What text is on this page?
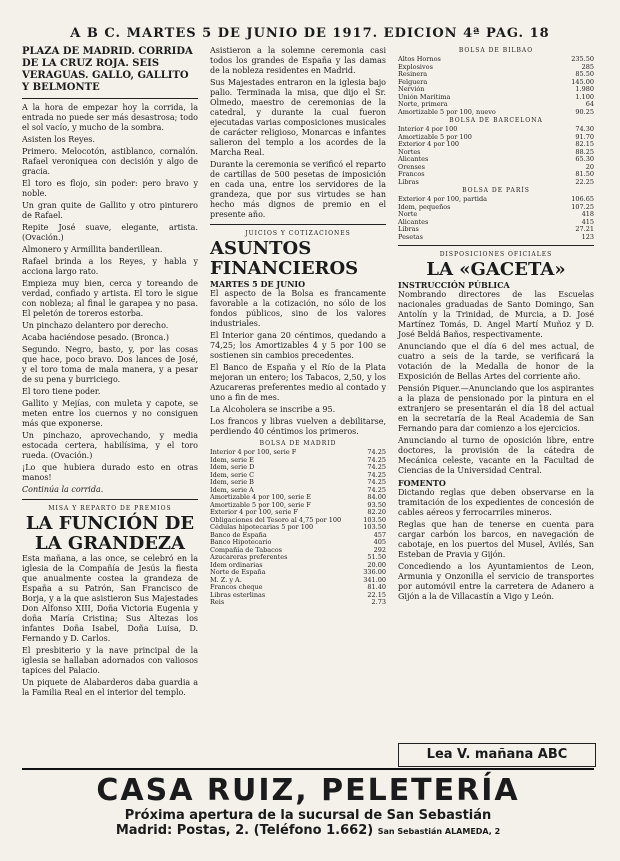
A B C. MARTES 5 DE JUNIO DE 1917. EDICION 4ª PAG. 18
PLAZA DE MADRID. CORRIDA DE LA CRUZ ROJA. SEIS VERAGUAS. GALLO, GALLITO Y BELMONTE

A la hora de empezar hoy la corrida, la entrada no puede ser más desastrosa; todo el sol vacío, y mucho de la sombra.

Asisten los Reyes.

Primero. Melocotón, astiblanco, cornalón. Rafael veroniquea con decisión y algo de gracia.

El toro es flojo, sin poder: pero bravo y noble.

Un gran quite de Gallito y otro pinturero de Rafael.

Repite José suave, elegante, artista. (Ovación.)

Almonero y Armillita banderillean.

Rafael brinda a los Reyes, y habla y acciona largo rato.

Empieza muy bien, cerca y toreando de verdad, confiado y artista. El toro le sigue con nobleza; al final le garapea y no pasa. El peletón de toreros estorba.

Un pinchazo delantero por derecho.

Acaba haciéndose pesado. (Bronca.)

Segundo. Negro, basto, y, por las cosas que hace, poco bravo. Dos lances de José, y el toro toma de mala manera, y a pesar de su pena y burriciego.

El toro tiene poder.

Gallito y Mejías, con muleta y capote, se meten entre los cuernos y no consiguen más que exponerse.

Un pinchazo, aprovechando, y media estocada certera, habilísima, y el toro rueda. (Ovación.)

¡Lo que hubiera durado esto en otras manos!

Continúa la corrida.

MISA Y REPARTO DE PREMIOS
LA FUNCIÓN DE LA GRANDEZA

Esta mañana, a las once, se celebró en la iglesia de la Compañía de Jesús la fiesta que anualmente costea la grandeza de España a su Patrón, San Francisco de Borja, y a la que asistieron Sus Majestades Don Alfonso XIII, Doña Victoria Eugenia y doña María Cristina; Sus Altezas los infantes Doña Isabel, Doña Luisa, D. Fernando y D. Carlos.

El presbiterio y la nave principal de la iglesia se hallaban adornados con valiosos tapices del Palacio.

Un piquete de Alabarderos daba guardia a la Familia Real en el interior del templo.

Asistieron a la solemne ceremonia casi todos los grandes de España y las damas de la nobleza residentes en Madrid.

Sus Majestades entraron en la iglesia bajo palio. Terminada la misa, que dijo el Sr. Olmedo, maestro de ceremonias de la catedral, y durante la cual fueron ejecutadas varias composiciones musicales de carácter religioso, Monarcas e infantes salieron del templo a los acordes de la Marcha Real.

Durante la ceremonia se verificó el reparto de cartillas de 500 pesetas de imposición en cada una, entre los servidores de la grandeza, que por sus virtudes se han hecho más dignos de premio en el presente año.

JUICIOS Y COTIZACIONES
ASUNTOS FINANCIEROS
MARTES 5 DE JUNIO

El aspecto de la Bolsa es francamente favorable a la cotización, no sólo de los fondos públicos, sino de los valores industriales.

El Interior gana 20 céntimos, quedando a 74,25; los Amortizables 4 y 5 por 100 se sostienen sin cambios precedentes.

El Banco de España y el Río de la Plata mejoran un entero; los Tabacos, 2,50, y los Azucareras preferentes medio al contado y uno a fin de mes.

La Alcoholera se inscribe a 95.

Los francos y libras vuelven a debilitarse, perdiendo 40 céntimos los primeros.

BOLSA DE MADRID
Interior 4 por 100, serie F	74.25
Idem, serie E	74.25
Idem, serie D	74.25
Idem, serie C	74.25
Idem, serie B	74.25
Idem, serie A	74.25
Amortizable 4 por 100, serie E	84.00
Amortizable 5 por 100, serie F	93.50
Exterior 4 por 100, serie F	82.20
Obligaciones del Tesoro al 4,75 por 100	103.50
Cédulas hipotecarias 5 por 100	103.50
Banco de España	457
Banco Hipotecario	405
Compañía de Tabacos	292
Azucareras preferentes	51.50
Idem ordinarias	20.00
Norte de España	336.00
M. Z. y A.	341.00
Francos cheque	81.40
Libras esterlinas	22.15
Reis	2.73
BOLSA DE BILBAO
Altos Hornos	235.50
Explosivos	285
Resinera	85.50
Felguera	145.00
Nervión	1.980
Unión Marítima	1.100
Norte, primera	64
Amortizable 5 por 100, nuevo	90.25
BOLSA DE BARCELONA
Interior 4 por 100	74.30
Amortizable 5 por 100	91.70
Exterior 4 por 100	82.15
Nortes	88.25
Alicantes	65.30
Orenses	20
Francos	81.50
Libras	22.25
BOLSA DE PARÍS
Exterior 4 por 100, partida	106.65
Idem, pequeños	107.25
Norte	418
Alicantes	415
Libras	27.21
Pesetas	123
DISPOSICIONES OFICIALES
LA «GACETA»
INSTRUCCIÓN PÚBLICA

Nombrando directores de las Escuelas nacionales graduadas de Santo Domingo, San Antolín y la Trinidad, de Murcia, a D. José Martínez Tomás, D. Angel Martí Muñoz y D. José Beldá Baños, respectivamente.

Anunciando que el día 6 del mes actual, de cuatro a seis de la tarde, se verificará la votación de la Medalla de honor de la Exposición de Bellas Artes del corriente año.

Pensión Piquer.—Anunciando que los aspirantes a la plaza de pensionado por la pintura en el extranjero se presentarán el día 18 del actual en la secretaría de la Real Academia de San Fernando para dar comienzo a los ejercicios.

Anunciando al turno de oposición libre, entre doctores, la provisión de la cátedra de Mecánica celeste, vacante en la Facultad de Ciencias de la Universidad Central.

FOMENTO

Dictando reglas que deben observarse en la tramitación de los expedientes de concesión de cables aéreos y ferrocarriles mineros.

Reglas que han de tenerse en cuenta para cargar carbón los barcos, en navegación de cabotaje, en los puertos del Musel, Avilés, San Esteban de Pravia y Gijón.

Concediendo a los Ayuntamientos de Leon, Armunia y Onzonilla el servicio de transportes por automóvil entre la carretera de Adanero a Gijón a la de Villacastín a Vigo y León.

Lea V. mañana ABC
CASA RUIZ, PELETERÍA
Próxima apertura de la sucursal de San Sebastián
Madrid: Postas, 2. (Teléfono 1.662) San Sebastián ALAMEDA, 2
